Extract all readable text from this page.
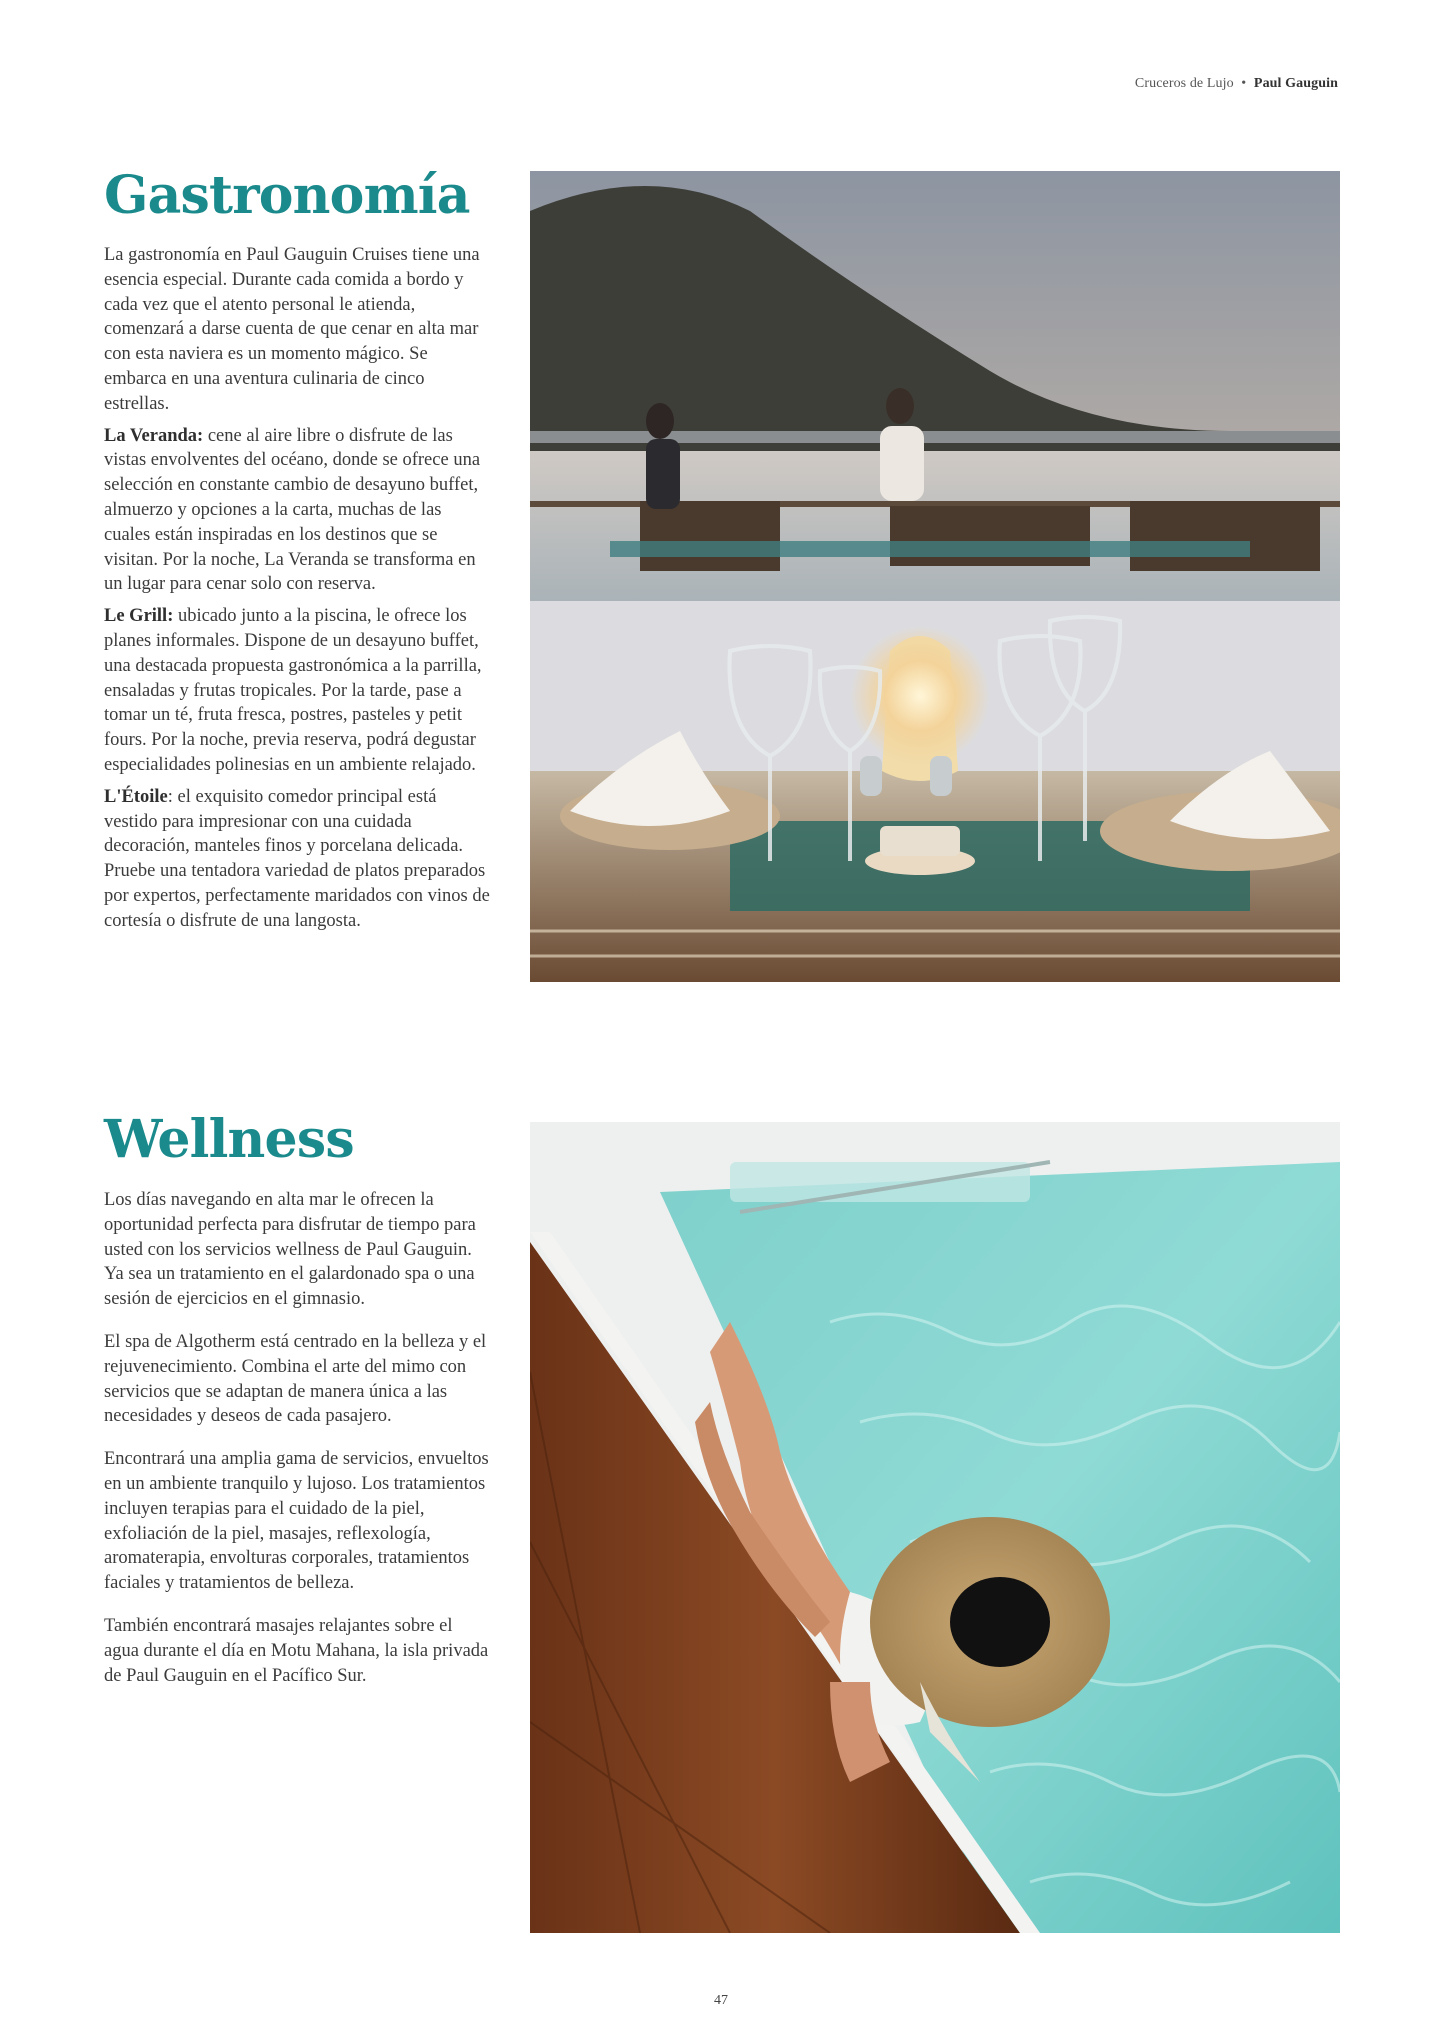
Cruceros de Lujo • Paul Gauguin
Gastronomía

La gastronomía en Paul Gauguin Cruises tiene una esencia especial. Durante cada comida a bordo y cada vez que el atento personal le atienda, comenzará a darse cuenta de que cenar en alta mar con esta naviera es un momento mágico. Se embarca en una aventura culinaria de cinco estrellas.

La Veranda: cene al aire libre o disfrute de las vistas envolventes del océano, donde se ofrece una selección en constante cambio de desayuno buffet, almuerzo y opciones a la carta, muchas de las cuales están inspiradas en los destinos que se visitan. Por la noche, La Veranda se transforma en un lugar para cenar solo con reserva.

Le Grill: ubicado junto a la piscina, le ofrece los planes informales. Dispone de un desayuno buffet, una destacada propuesta gastronómica a la parrilla, ensaladas y frutas tropicales. Por la tarde, pase a tomar un té, fruta fresca, postres, pasteles y petit fours. Por la noche, previa reserva, podrá degustar especialidades polinesias en un ambiente relajado.

L'Étoile: el exquisito comedor principal está vestido para impresionar con una cuidada decoración, manteles finos y porcelana delicada. Pruebe una tentadora variedad de platos preparados por expertos, perfectamente maridados con vinos de cortesía o disfrute de una langosta.

Wellness

Los días navegando en alta mar le ofrecen la oportunidad perfecta para disfrutar de tiempo para usted con los servicios wellness de Paul Gauguin. Ya sea un tratamiento en el galardonado spa o una sesión de ejercicios en el gimnasio.

El spa de Algotherm está centrado en la belleza y el rejuvenecimiento. Combina el arte del mimo con servicios que se adaptan de manera única a las necesidades y deseos de cada pasajero.

Encontrará una amplia gama de servicios, envueltos en un ambiente tranquilo y lujoso. Los tratamientos incluyen terapias para el cuidado de la piel, exfoliación de la piel, masajes, reflexología, aromaterapia, envolturas corporales, tratamientos faciales y tratamientos de belleza.

También encontrará masajes relajantes sobre el agua durante el día en Motu Mahana, la isla privada de Paul Gauguin en el Pacífico Sur.

47
